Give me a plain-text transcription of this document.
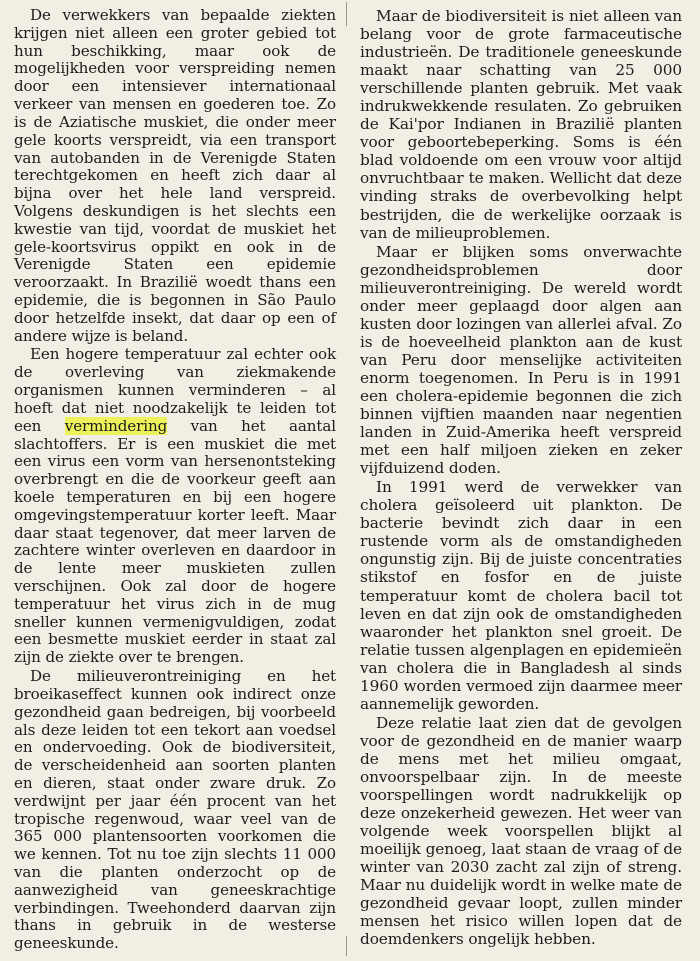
De verwekkers van bepaalde ziekten krijgen niet alleen een groter gebied tot hun beschikking, maar ook de mogelijkheden voor verspreiding nemen door een intensiever internationaal verkeer van mensen en goederen toe. Zo is de Aziatische muskiet, die onder meer gele koorts verspreidt, via een transport van autobanden in de Verenigde Staten terechtgekomen en heeft zich daar al bijna over het hele land verspreid. Volgens deskundigen is het slechts een kwestie van tijd, voordat de muskiet het gele-koortsvirus oppikt en ook in de Verenigde Staten een epidemie veroorzaakt. In Brazilië woedt thans een epidemie, die is begonnen in São Paulo door hetzelfde insekt, dat daar op een of andere wijze is beland.

Een hogere temperatuur zal echter ook de overleving van ziekmakende organismen kunnen verminderen – al hoeft dat niet noodzakelijk te leiden tot een vermindering van het aantal slachtoffers. Er is een muskiet die met een virus een vorm van hersenontsteking overbrengt en die de voorkeur geeft aan koele temperaturen en bij een hogere omgevingstemperatuur korter leeft. Maar daar staat tegenover, dat meer larven de zachtere winter overleven en daardoor in de lente meer muskieten zullen verschijnen. Ook zal door de hogere temperatuur het virus zich in de mug sneller kunnen vermenigvuldigen, zodat een besmette muskiet eerder in staat zal zijn de ziekte over te brengen.

De milieuverontreiniging en het broeikaseffect kunnen ook indirect onze gezondheid gaan bedreigen, bij voorbeeld als deze leiden tot een tekort aan voedsel en ondervoeding. Ook de biodiversiteit, de verscheidenheid aan soorten planten en dieren, staat onder zware druk. Zo verdwijnt per jaar één procent van het tropische regenwoud, waar veel van de 365 000 plantensoorten voorkomen die we kennen. Tot nu toe zijn slechts 11 000 van die planten onderzocht op de aanwezigheid van geneeskrachtige verbindingen. Tweehonderd daarvan zijn thans in gebruik in de westerse geneeskunde.

Maar de biodiversiteit is niet alleen van belang voor de grote farmaceutische industrieën. De traditionele geneeskunde maakt naar schatting van 25 000 verschillende planten gebruik. Met vaak indrukwekkende resulaten. Zo gebruiken de Kai'por Indianen in Brazilië planten voor geboortebeperking. Soms is één blad voldoende om een vrouw voor altijd onvruchtbaar te maken. Wellicht dat deze vinding straks de overbevolking helpt bestrijden, die de werkelijke oorzaak is van de milieuproblemen.

Maar er blijken soms onverwachte gezondheidsproblemen door milieuverontreiniging. De wereld wordt onder meer geplaagd door algen aan kusten door lozingen van allerlei afval. Zo is de hoeveelheid plankton aan de kust van Peru door menselijke activiteiten enorm toegenomen. In Peru is in 1991 een cholera-epidemie begonnen die zich binnen vijftien maanden naar negentien landen in Zuid-Amerika heeft verspreid met een half miljoen zieken en zeker vijfduizend doden.

In 1991 werd de verwekker van cholera geïsoleerd uit plankton. De bacterie bevindt zich daar in een rustende vorm als de omstandigheden ongunstig zijn. Bij de juiste concentraties stikstof en fosfor en de juiste temperatuur komt de cholera bacil tot leven en dat zijn ook de omstandigheden waaronder het plankton snel groeit. De relatie tussen algenplagen en epidemieën van cholera die in Bangladesh al sinds 1960 worden vermoed zijn daarmee meer aannemelijk geworden.

Deze relatie laat zien dat de gevolgen voor de gezondheid en de manier waarp de mens met het milieu omgaat, onvoorspelbaar zijn. In de meeste voorspellingen wordt nadrukkelijk op deze onzekerheid gewezen. Het weer van volgende week voorspellen blijkt al moeilijk genoeg, laat staan de vraag of de winter van 2030 zacht zal zijn of streng. Maar nu duidelijk wordt in welke mate de gezondheid gevaar loopt, zullen minder mensen het risico willen lopen dat de doemdenkers ongelijk hebben.
